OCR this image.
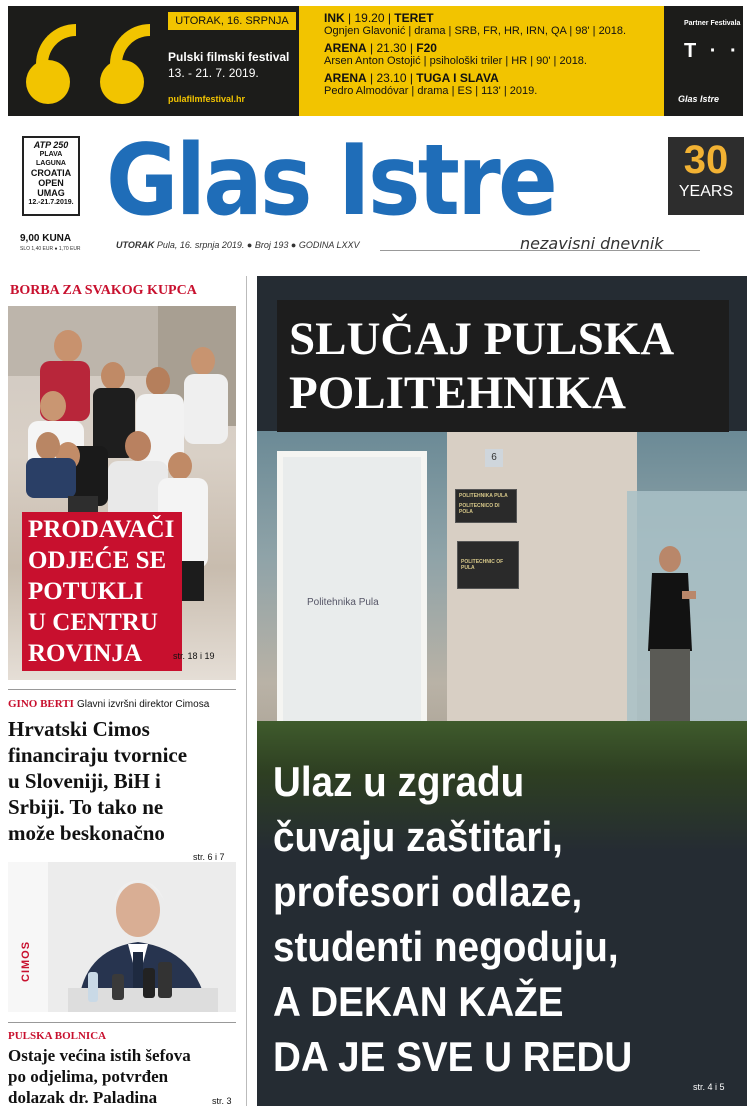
UTORAK, 16. SRPNJA
Pulski filmski festival
13. - 21. 7. 2019.
pulafilmfestival.hr
INK | 19.20 | TERET
Ognjen Glavonić | drama | SRB, FR, HR, IRN, QA | 98' | 2018.
ARENA | 21.30 | F20
Arsen Anton Ostojić | psihološki triler | HR | 90' | 2018.
ARENA | 23.10 | TUGA I SLAVA
Pedro Almodóvar | drama | ES | 113' | 2019.
Partner Festivala
T · ·
Glas Istre
ATP 250
PLAVA LAGUNA
CROATIA
OPEN UMAG
12.-21.7.2019.
9,00 KUNA
SLO 1,40 EUR ● 1,70 EUR
Glas Istre	30
YEARS
UTORAK Pula, 16. srpnja 2019. ● Broj 193 ● GODINA LXXV	nezavisni dnevnik
BORBA ZA SVAKOG KUPCA
PRODAVAČI
ODJEĆE SE
POTUKLI
U CENTRU
ROVINJA	str. 18 i 19
GINO BERTI Glavni izvršni direktor Cimosa
Hrvatski Cimos
financiraju tvornice
u Sloveniji, BiH i
Srbiji. To tako ne
može beskonačno
str. 6 i 7
CIMOS
PULSKA BOLNICA
Ostaje većina istih šefova
po odjelima, potvrđen
dolazak dr. Paladina	str. 3
Politehnika Pula
6
POLITEHNIKA PULA
POLITECNICO DI POLA
POLITECHNIC OF PULA
SLUČAJ PULSKA
POLITEHNIKA
Ulaz u zgradu
čuvaju zaštitari,
profesori odlaze,
studenti negoduju,
A DEKAN KAŽE
DA JE SVE U REDU
str. 4 i 5
